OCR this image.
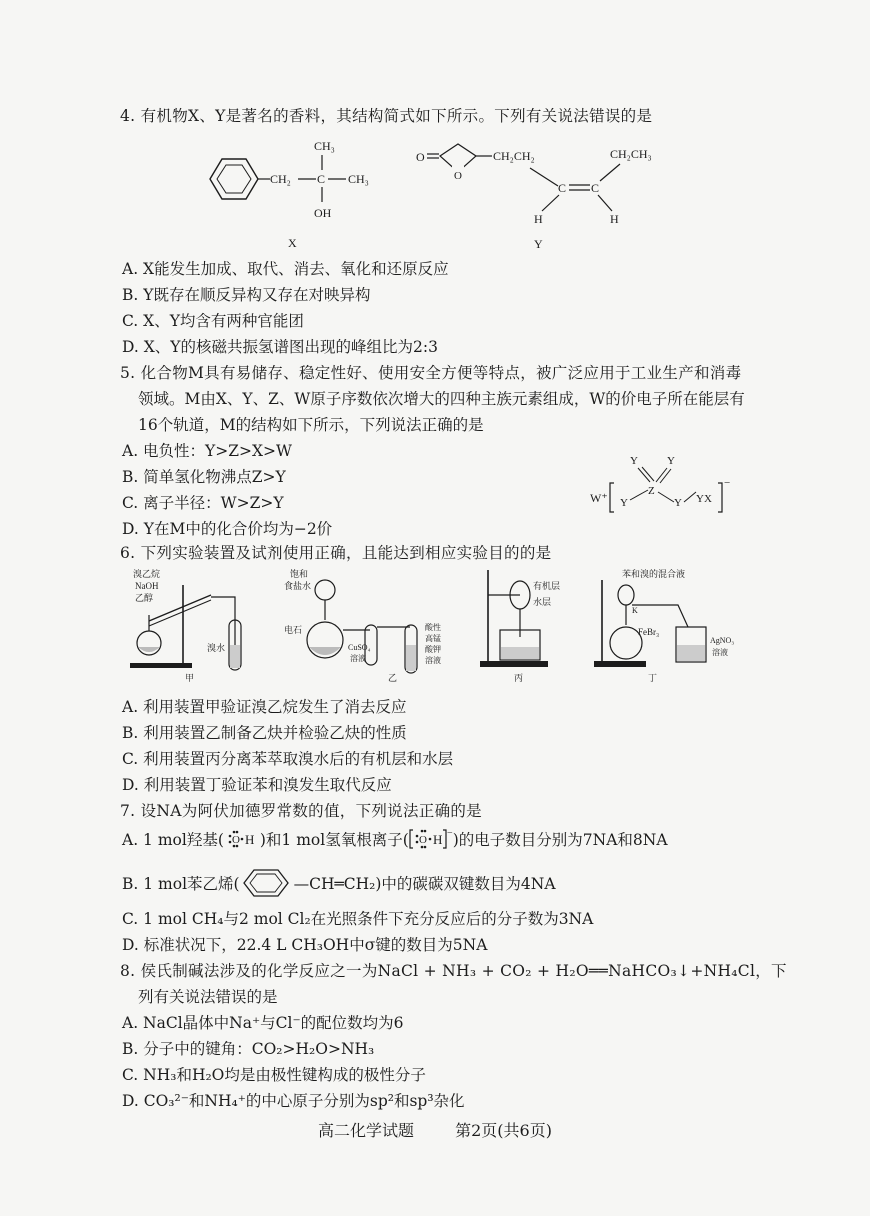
4. 有机物X、Y是著名的香料，其结构简式如下所示。下列有关说法错误的是
CH₂ C
CH₃
CH₃
OH
X
O
O
CH₂CH₂
C C
CH₂CH₃
H	H
Y
A. X能发生加成、取代、消去、氧化和还原反应
B. Y既存在顺反异构又存在对映异构
C. X、Y均含有两种官能团
D. X、Y的核磁共振氢谱图出现的峰组比为2:3
5. 化合物M具有易储存、稳定性好、使用安全方便等特点，被广泛应用于工业生产和消毒
领域。M由X、Y、Z、W原子序数依次增大的四种主族元素组成，W的价电子所在能层有
16个轨道，M的结构如下所示，下列说法正确的是
A. 电负性：Y>Z>X>W
B. 简单氢化物沸点Z>Y
C. 离子半径：W>Z>Y
D. Y在M中的化合价均为−2价
W⁺ Y
Z
Y	Y
Y YX
−
6. 下列实验装置及试剂使用正确，且能达到相应实验目的的是
溴乙烷
NaOH
乙醇
溴水
甲
饱和
食盐水
电石
CuSO₄
溶液
酸性
高锰
酸钾
溶液
乙
有机层
水层
丙
苯和溴的混合液
K
FeBr₃
AgNO₃
溶液
丁
A. 利用装置甲验证溴乙烷发生了消去反应
B. 利用装置乙制备乙炔并检验乙炔的性质
C. 利用装置丙分离苯萃取溴水后的有机层和水层
D. 利用装置丁验证苯和溴发生取代反应
7. 设NA为阿伏加德罗常数的值，下列说法正确的是
A. 1 mol羟基( H
O )和1 mol氢氧根离子( O H − )的电子数目分别为7NA和8NA
B. 1 mol苯乙烯(	—CH═CH₂)中的碳碳双键数目为4NA
C. 1 mol CH₄与2 mol Cl₂在光照条件下充分反应后的分子数为3NA
D. 标准状况下，22.4 L CH₃OH中σ键的数目为5NA
8. 侯氏制碱法涉及的化学反应之一为NaCl + NH₃ + CO₂ + H₂O══NaHCO₃↓+NH₄Cl，下
列有关说法错误的是
A. NaCl晶体中Na⁺与Cl⁻的配位数均为6
B. 分子中的键角：CO₂>H₂O>NH₃
C. NH₃和H₂O均是由极性键构成的极性分子
D. CO₃²⁻和NH₄⁺的中心原子分别为sp²和sp³杂化
高二化学试题	第2页(共6页)
